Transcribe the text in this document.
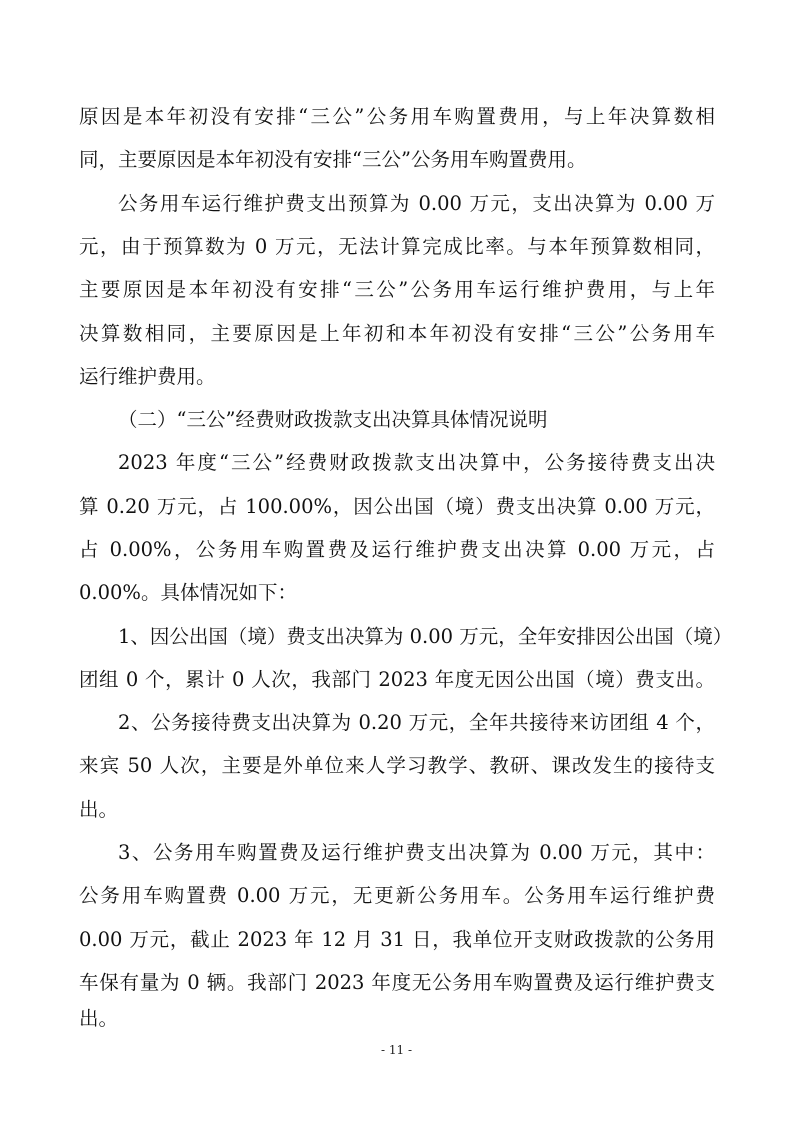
原因是本年初没有安排“三公”公务用车购置费用，与上年决算数相
同，主要原因是本年初没有安排“三公”公务用车购置费用。
公务用车运行维护费支出预算为 0.00 万元，支出决算为 0.00 万
元，由于预算数为 0 万元，无法计算完成比率。与本年预算数相同，
主要原因是本年初没有安排“三公”公务用车运行维护费用，与上年
决算数相同，主要原因是上年初和本年初没有安排“三公”公务用车
运行维护费用。
（二）“三公”经费财政拨款支出决算具体情况说明
2023 年度“三公”经费财政拨款支出决算中，公务接待费支出决
算 0.20 万元，占 100.00%，因公出国（境）费支出决算 0.00 万元，
占 0.00%，公务用车购置费及运行维护费支出决算 0.00 万元，占
0.00%。具体情况如下：
1、因公出国（境）费支出决算为 0.00 万元，全年安排因公出国（境）
团组 0 个，累计 0 人次，我部门 2023 年度无因公出国（境）费支出。
2、公务接待费支出决算为 0.20 万元，全年共接待来访团组 4 个，
来宾 50 人次，主要是外单位来人学习教学、教研、课改发生的接待支
出。
3、公务用车购置费及运行维护费支出决算为 0.00 万元，其中：
公务用车购置费 0.00 万元，无更新公务用车。公务用车运行维护费
0.00 万元，截止 2023 年 12 月 31 日，我单位开支财政拨款的公务用
车保有量为 0 辆。我部门 2023 年度无公务用车购置费及运行维护费支
出。
- 11 -
